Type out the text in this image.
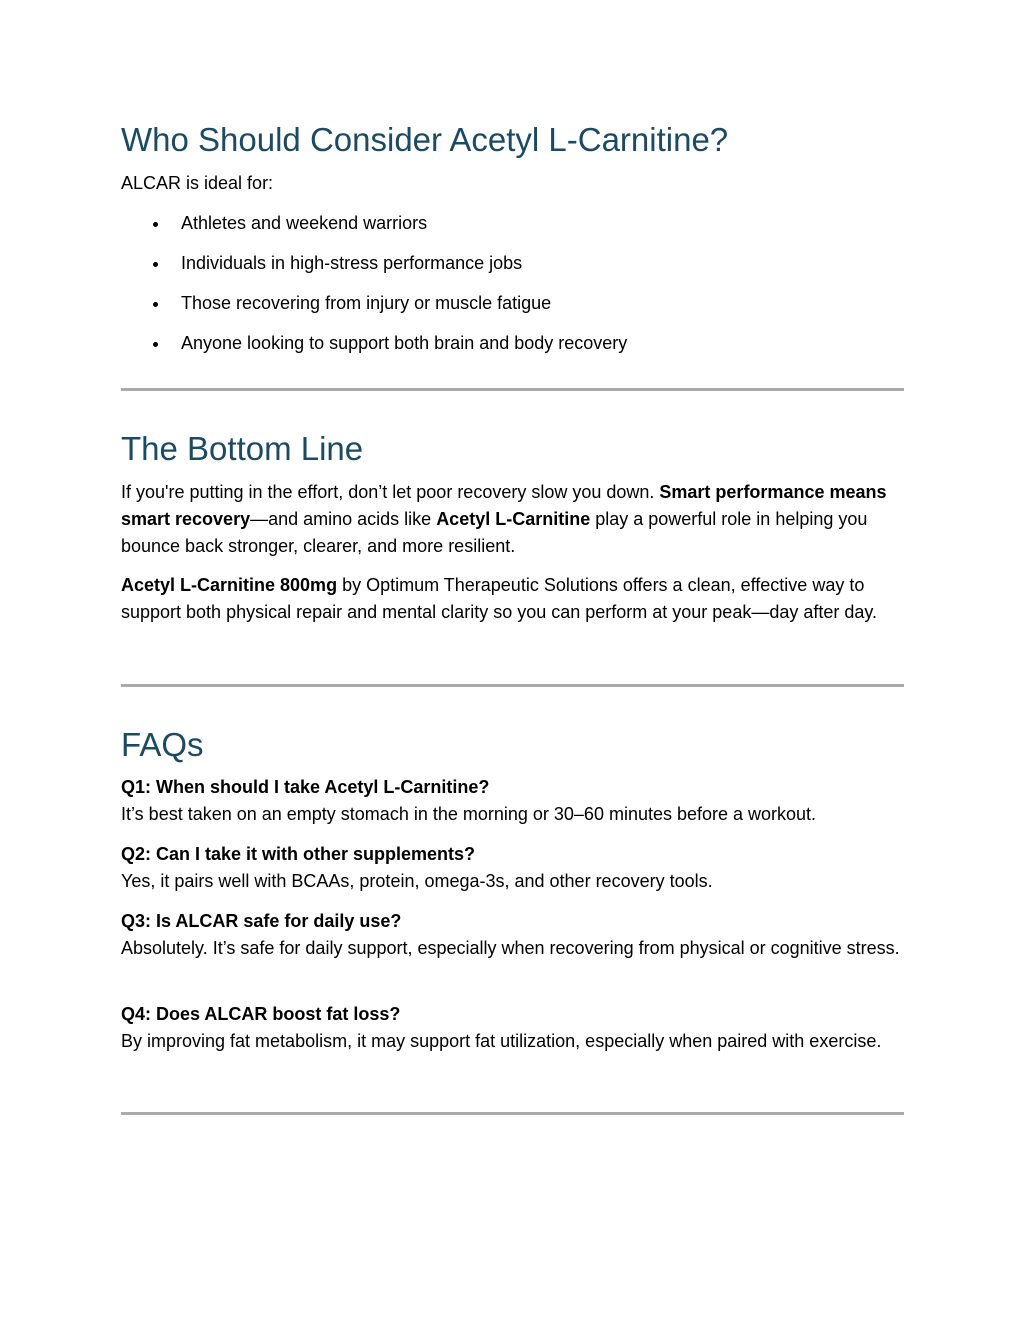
Who Should Consider Acetyl L-Carnitine?

ALCAR is ideal for:

Athletes and weekend warriors
Individuals in high-stress performance jobs
Those recovering from injury or muscle fatigue
Anyone looking to support both brain and body recovery
The Bottom Line

If you're putting in the effort, don’t let poor recovery slow you down. Smart performance means smart recovery—and amino acids like Acetyl L-Carnitine play a powerful role in helping you bounce back stronger, clearer, and more resilient.

Acetyl L-Carnitine 800mg by Optimum Therapeutic Solutions offers a clean, effective way to support both physical repair and mental clarity so you can perform at your peak—day after day.

FAQs
Q1: When should I take Acetyl L-Carnitine?
It’s best taken on an empty stomach in the morning or 30–60 minutes before a workout.
Q2: Can I take it with other supplements?
Yes, it pairs well with BCAAs, protein, omega-3s, and other recovery tools.
Q3: Is ALCAR safe for daily use?
Absolutely. It’s safe for daily support, especially when recovering from physical or cognitive stress.
Q4: Does ALCAR boost fat loss?
By improving fat metabolism, it may support fat utilization, especially when paired with exercise.
